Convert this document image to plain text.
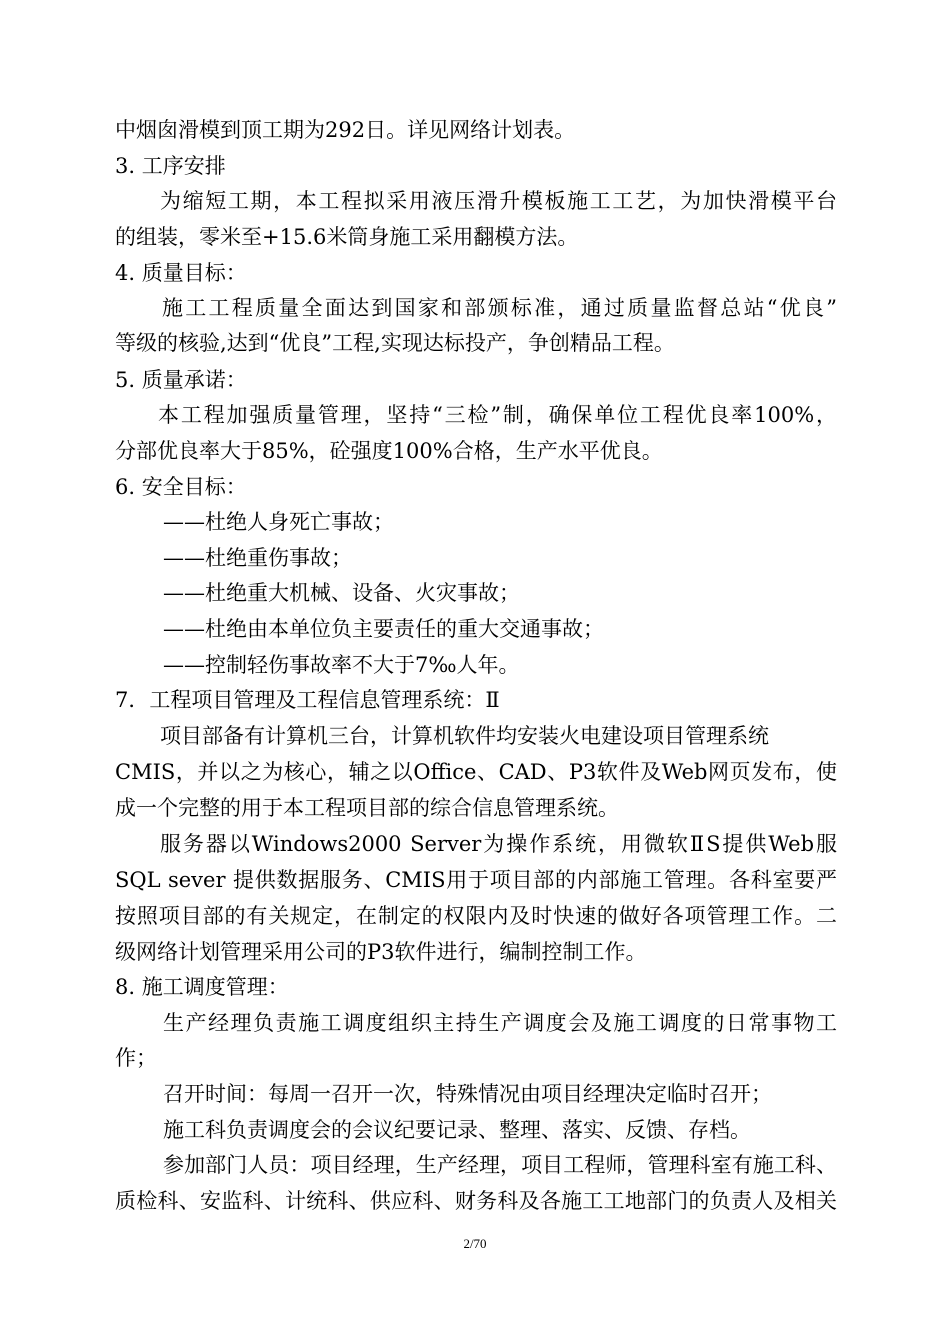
中烟囱滑模到顶工期为292日。详见网络计划表。
3. 工序安排
为缩短工期，本工程拟采用液压滑升模板施工工艺，为加快滑模平台
的组装，零米至+15.6米筒身施工采用翻模方法。
4. 质量目标：
施工工程质量全面达到国家和部颁标准，通过质量监督总站“优良”
等级的核验,达到“优良”工程,实现达标投产，争创精品工程。
5. 质量承诺：
本工程加强质量管理，坚持“三检”制，确保单位工程优良率100%，
分部优良率大于85%，砼强度100%合格，生产水平优良。
6. 安全目标：
——杜绝人身死亡事故；
——杜绝重伤事故；
——杜绝重大机械、设备、火灾事故；
——杜绝由本单位负主要责任的重大交通事故；
——控制轻伤事故率不大于7‰人年。
7．工程项目管理及工程信息管理系统：Ⅱ
项目部备有计算机三台，计算机软件均安装火电建设项目管理系统
CMIS，并以之为核心，辅之以Office、CAD、P3软件及Web网页发布，使
成一个完整的用于本工程项目部的综合信息管理系统。
服务器以Windows2000 Server为操作系统，用微软ⅡS提供Web服
SQL sever 提供数据服务、CMIS用于项目部的内部施工管理。各科室要严
按照项目部的有关规定，在制定的权限内及时快速的做好各项管理工作。二
级网络计划管理采用公司的P3软件进行，编制控制工作。
8. 施工调度管理：
生产经理负责施工调度组织主持生产调度会及施工调度的日常事物工
作；
召开时间：每周一召开一次，特殊情况由项目经理决定临时召开；
施工科负责调度会的会议纪要记录、整理、落实、反馈、存档。
参加部门人员：项目经理，生产经理，项目工程师，管理科室有施工科、
质检科、安监科、计统科、供应科、财务科及各施工工地部门的负责人及相关
2/70
